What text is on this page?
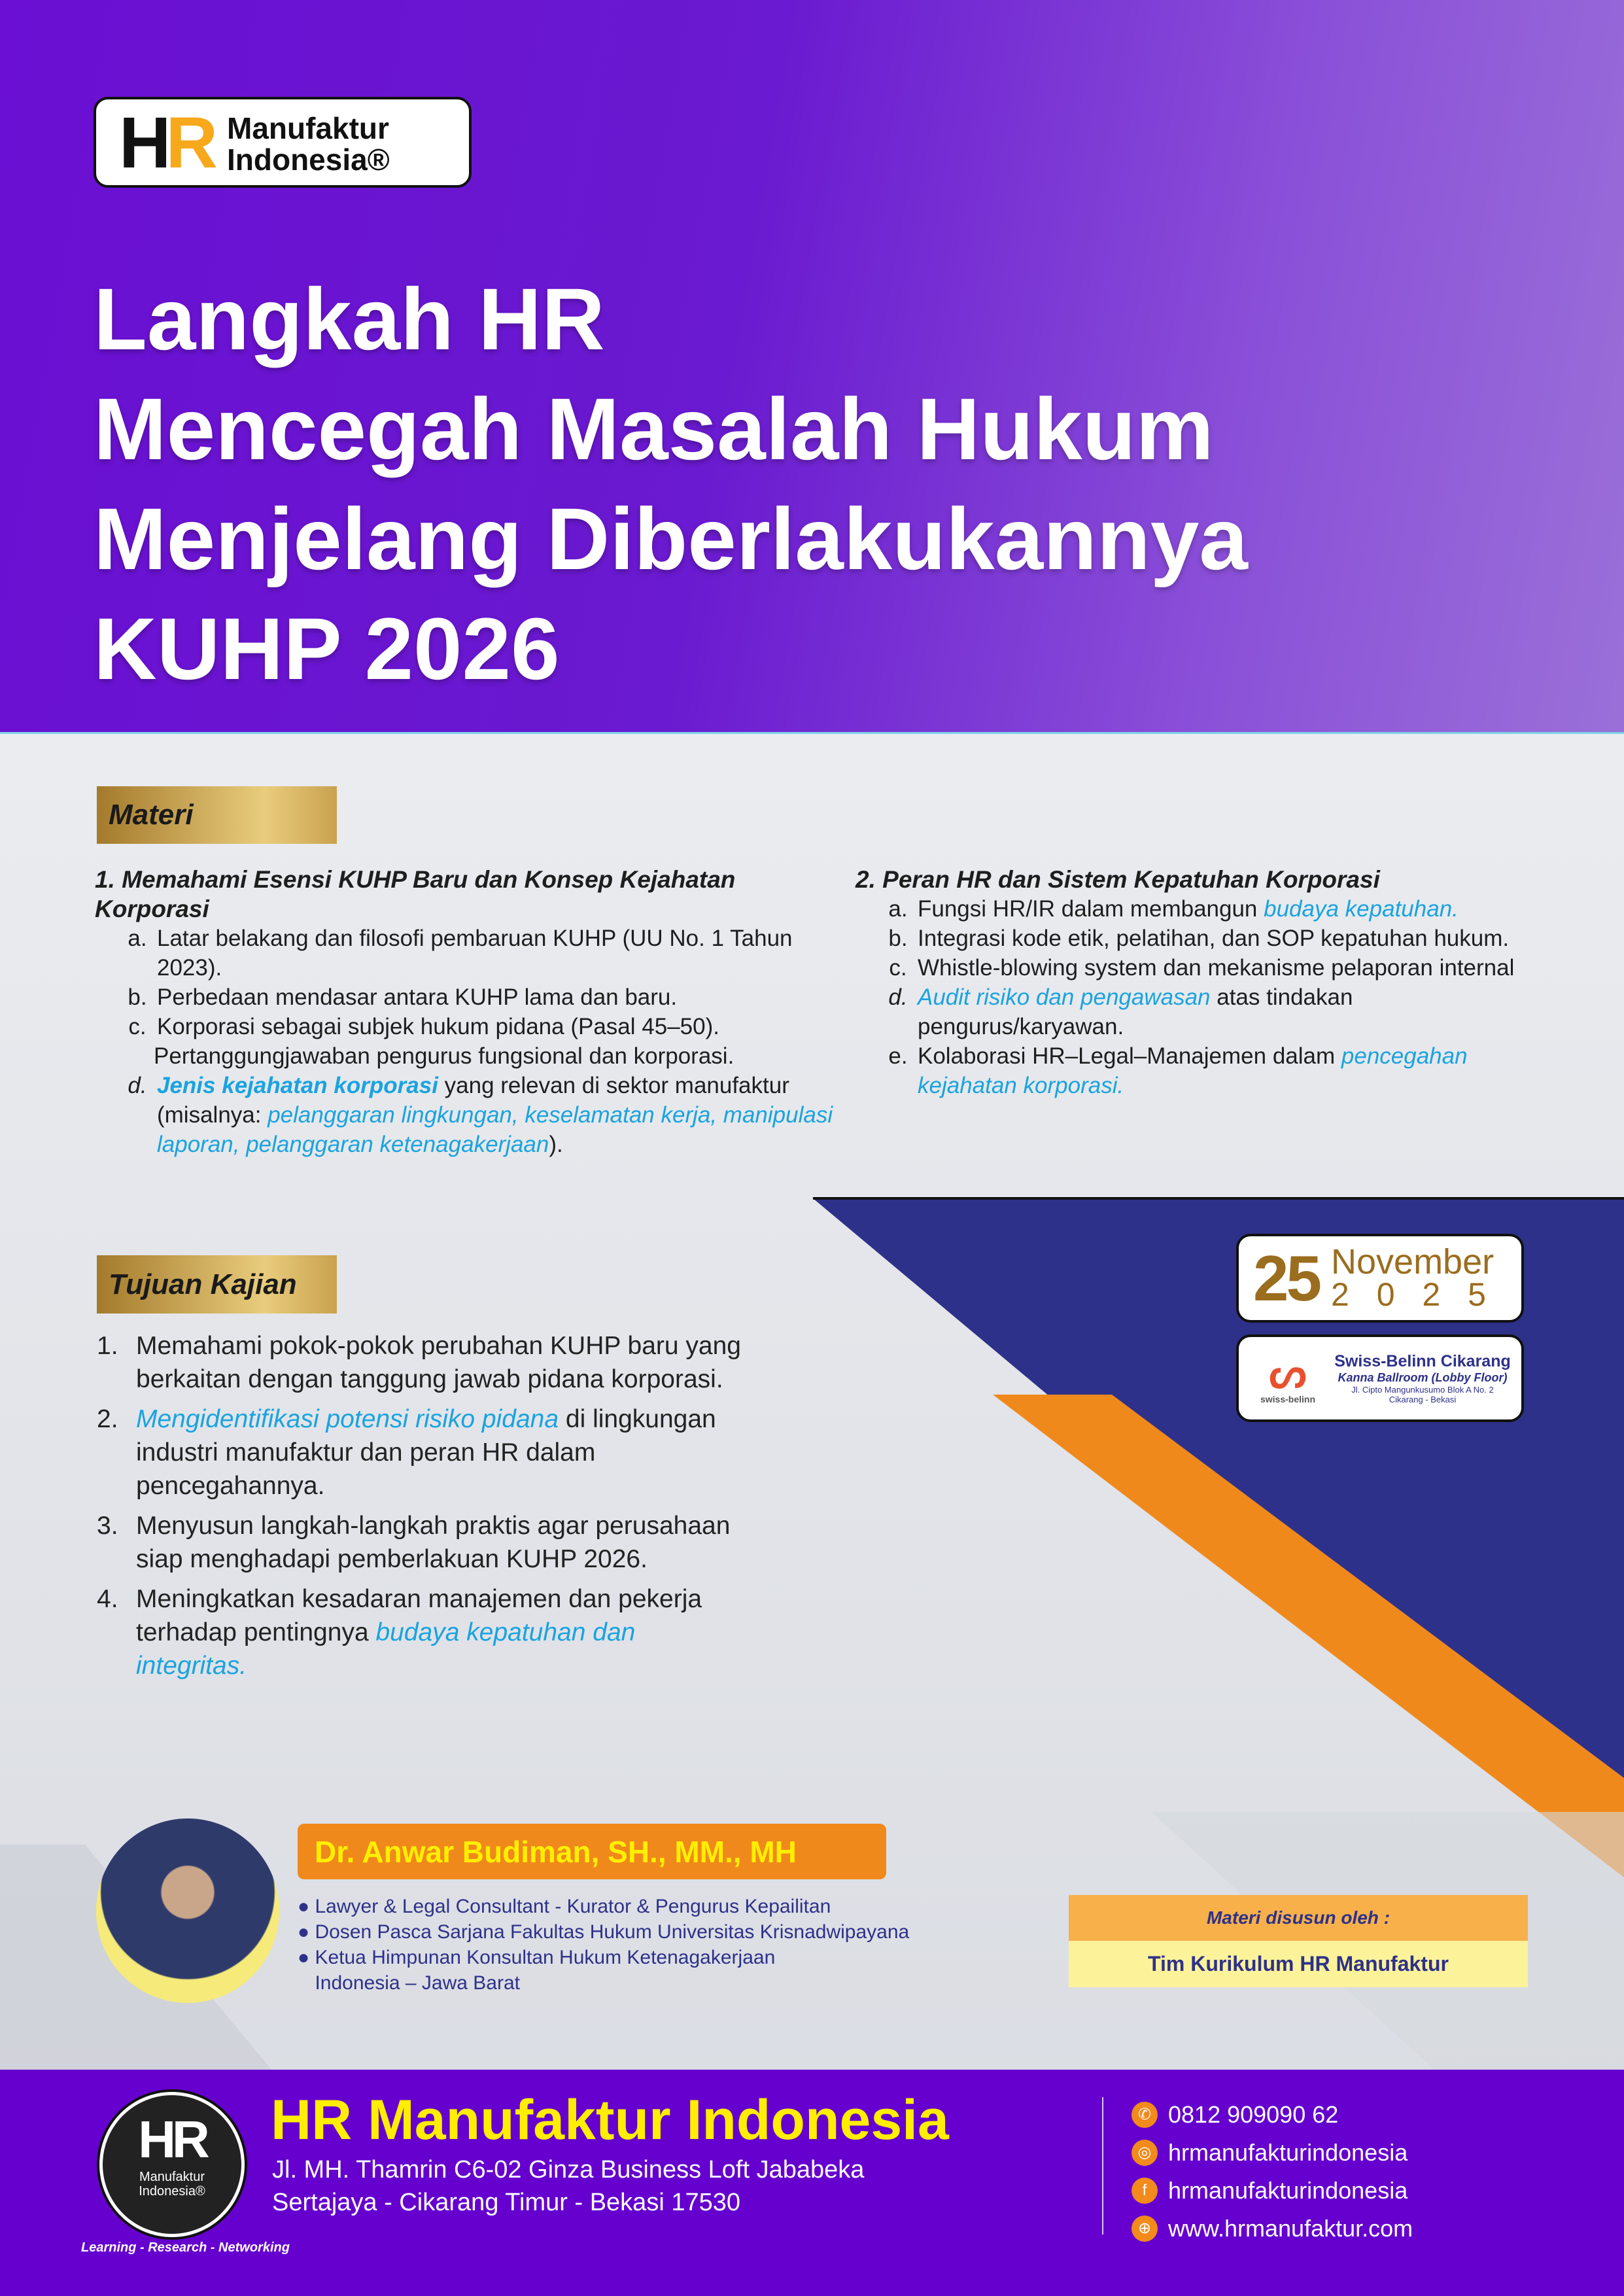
HR Manufaktur
Indonesia®
Langkah HR
Mencegah Masalah Hukum
Menjelang Diberlakukannya
KUHP 2026
Materi
1. Memahami Esensi KUHP Baru dan Konsep Kejahatan Korporasi
a. Latar belakang dan filosofi pembaruan KUHP (UU No. 1 Tahun 2023).
b. Perbedaan mendasar antara KUHP lama dan baru.
c. Korporasi sebagai subjek hukum pidana (Pasal 45–50).
Pertanggungjawaban pengurus fungsional dan korporasi.
d. Jenis kejahatan korporasi yang relevan di sektor manufaktur (misalnya: pelanggaran lingkungan, keselamatan kerja, manipulasi laporan, pelanggaran ketenagakerjaan).
2. Peran HR dan Sistem Kepatuhan Korporasi
a. Fungsi HR/IR dalam membangun budaya kepatuhan.
b. Integrasi kode etik, pelatihan, dan SOP kepatuhan hukum.
c. Whistle-blowing system dan mekanisme pelaporan internal
d. Audit risiko dan pengawasan atas tindakan pengurus/karyawan.
e. Kolaborasi HR–Legal–Manajemen dalam pencegahan kejahatan korporasi.
Tujuan Kajian
1. Memahami pokok-pokok perubahan KUHP baru yang berkaitan dengan tanggung jawab pidana korporasi.
2. Mengidentifikasi potensi risiko pidana di lingkungan industri manufaktur dan peran HR dalam pencegahannya.
3. Menyusun langkah-langkah praktis agar perusahaan siap menghadapi pemberlakuan KUHP 2026.
4. Meningkatkan kesadaran manajemen dan pekerja terhadap pentingnya budaya kepatuhan dan integritas.
25 November
2 0 2 5
ᔕ
swiss-belinn
Swiss-Belinn Cikarang
Kanna Ballroom (Lobby Floor)
Jl. Cipto Mangunkusumo Blok A No. 2
Cikarang - Bekasi
Dr. Anwar Budiman, SH., MM., MH
● Lawyer & Legal Consultant - Kurator & Pengurus Kepailitan
● Dosen Pasca Sarjana Fakultas Hukum Universitas Krisnadwipayana
● Ketua Himpunan Konsultan Hukum Ketenagakerjaan Indonesia – Jawa Barat
Materi disusun oleh :
Tim Kurikulum HR Manufaktur
HR
Manufaktur
Indonesia®
Learning - Research - Networking
HR Manufaktur Indonesia
Jl. MH. Thamrin C6-02 Ginza Business Loft Jababeka
Sertajaya - Cikarang Timur - Bekasi 17530
✆ 0812 909090 62
◎ hrmanufakturindonesia
f hrmanufakturindonesia
⊕ www.hrmanufaktur.com
